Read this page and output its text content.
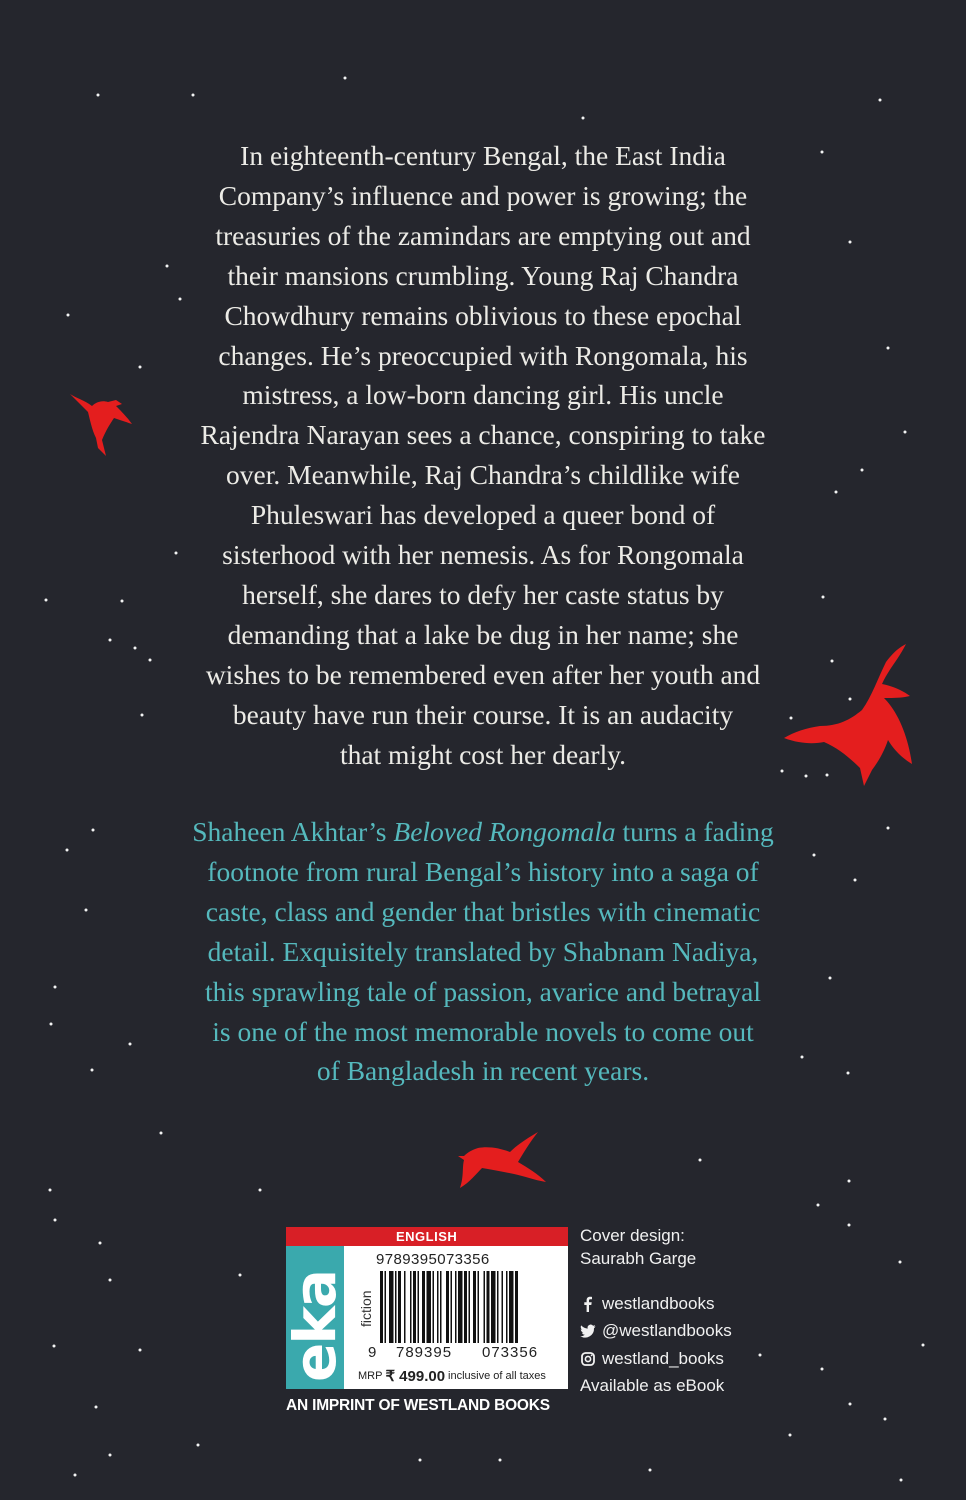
In eighteenth-century Bengal, the East India
Company’s influence and power is growing; the
treasuries of the zamindars are emptying out and
their mansions crumbling. Young Raj Chandra
Chowdhury remains oblivious to these epochal
changes. He’s preoccupied with Rongomala, his
mistress, a low-born dancing girl. His uncle
Rajendra Narayan sees a chance, conspiring to take
over. Meanwhile, Raj Chandra’s childlike wife
Phuleswari has developed a queer bond of
sisterhood with her nemesis. As for Rongomala
herself, she dares to defy her caste status by
demanding that a lake be dug in her name; she
wishes to be remembered even after her youth and
beauty have run their course. It is an audacity
that might cost her dearly.
Shaheen Akhtar’s Beloved Rongomala turns a fading
footnote from rural Bengal’s history into a saga of
caste, class and gender that bristles with cinematic
detail. Exquisitely translated by Shabnam Nadiya,
this sprawling tale of passion, avarice and betrayal
is one of the most memorable novels to come out
of Bangladesh in recent years.
ENGLISH
eka fiction
9789395073356
9 789395 073356
MRP ₹ 499.00 inclusive of all taxes
AN IMPRINT OF WESTLAND BOOKS
Cover design:
Saurabh Garge
westlandbooks
@westlandbooks
westland_books
Available as eBook
